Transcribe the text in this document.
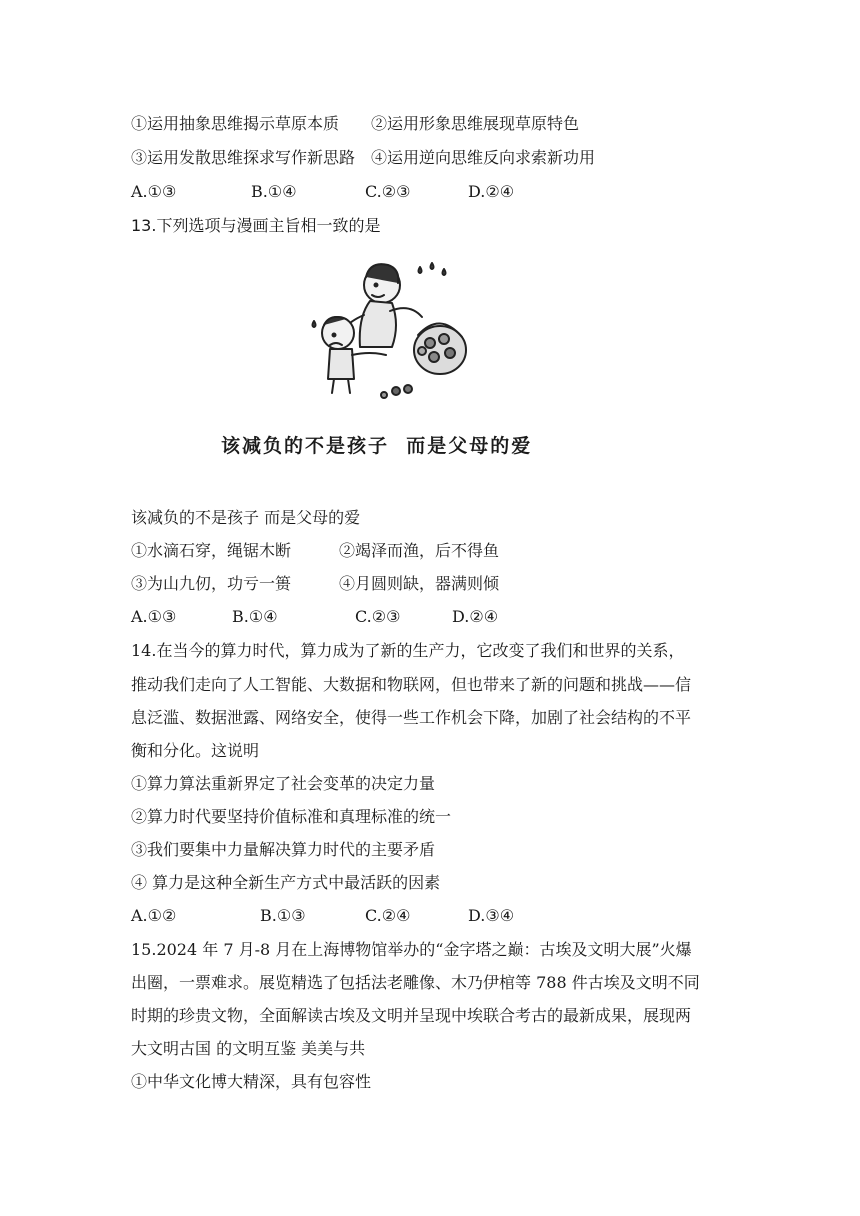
①运用抽象思维揭示草原本质　　②运用形象思维展现草原特色
③运用发散思维探求写作新思路　④运用逆向思维反向求索新功用
A.①③	B.①④	C.②③	D.②④
13.下列选项与漫画主旨相一致的是
该减负的不是孩子  而是父母的爱
该减负的不是孩子 而是父母的爱
①水滴石穿，绳锯木断　　　②竭泽而渔，后不得鱼
③为山九仞，功亏一篑　　　④月圆则缺，器满则倾
A.①③	B.①④	C.②③	D.②④
14.在当今的算力时代，算力成为了新的生产力，它改变了我们和世界的关系，
推动我们走向了人工智能、大数据和物联网，但也带来了新的问题和挑战——信
息泛滥、数据泄露、网络安全，使得一些工作机会下降，加剧了社会结构的不平
衡和分化。这说明
①算力算法重新界定了社会变革的决定力量
②算力时代要坚持价值标准和真理标准的统一
③我们要集中力量解决算力时代的主要矛盾
④ 算力是这种全新生产方式中最活跃的因素
A.①②	B.①③	C.②④	D.③④
15.2024 年 7 月-8 月在上海博物馆举办的“金字塔之巅：古埃及文明大展”火爆
出圈，一票难求。展览精选了包括法老雕像、木乃伊棺等 788 件古埃及文明不同
时期的珍贵文物，全面解读古埃及文明并呈现中埃联合考古的最新成果，展现两
大文明古国 的文明互鉴 美美与共
①中华文化博大精深，具有包容性
